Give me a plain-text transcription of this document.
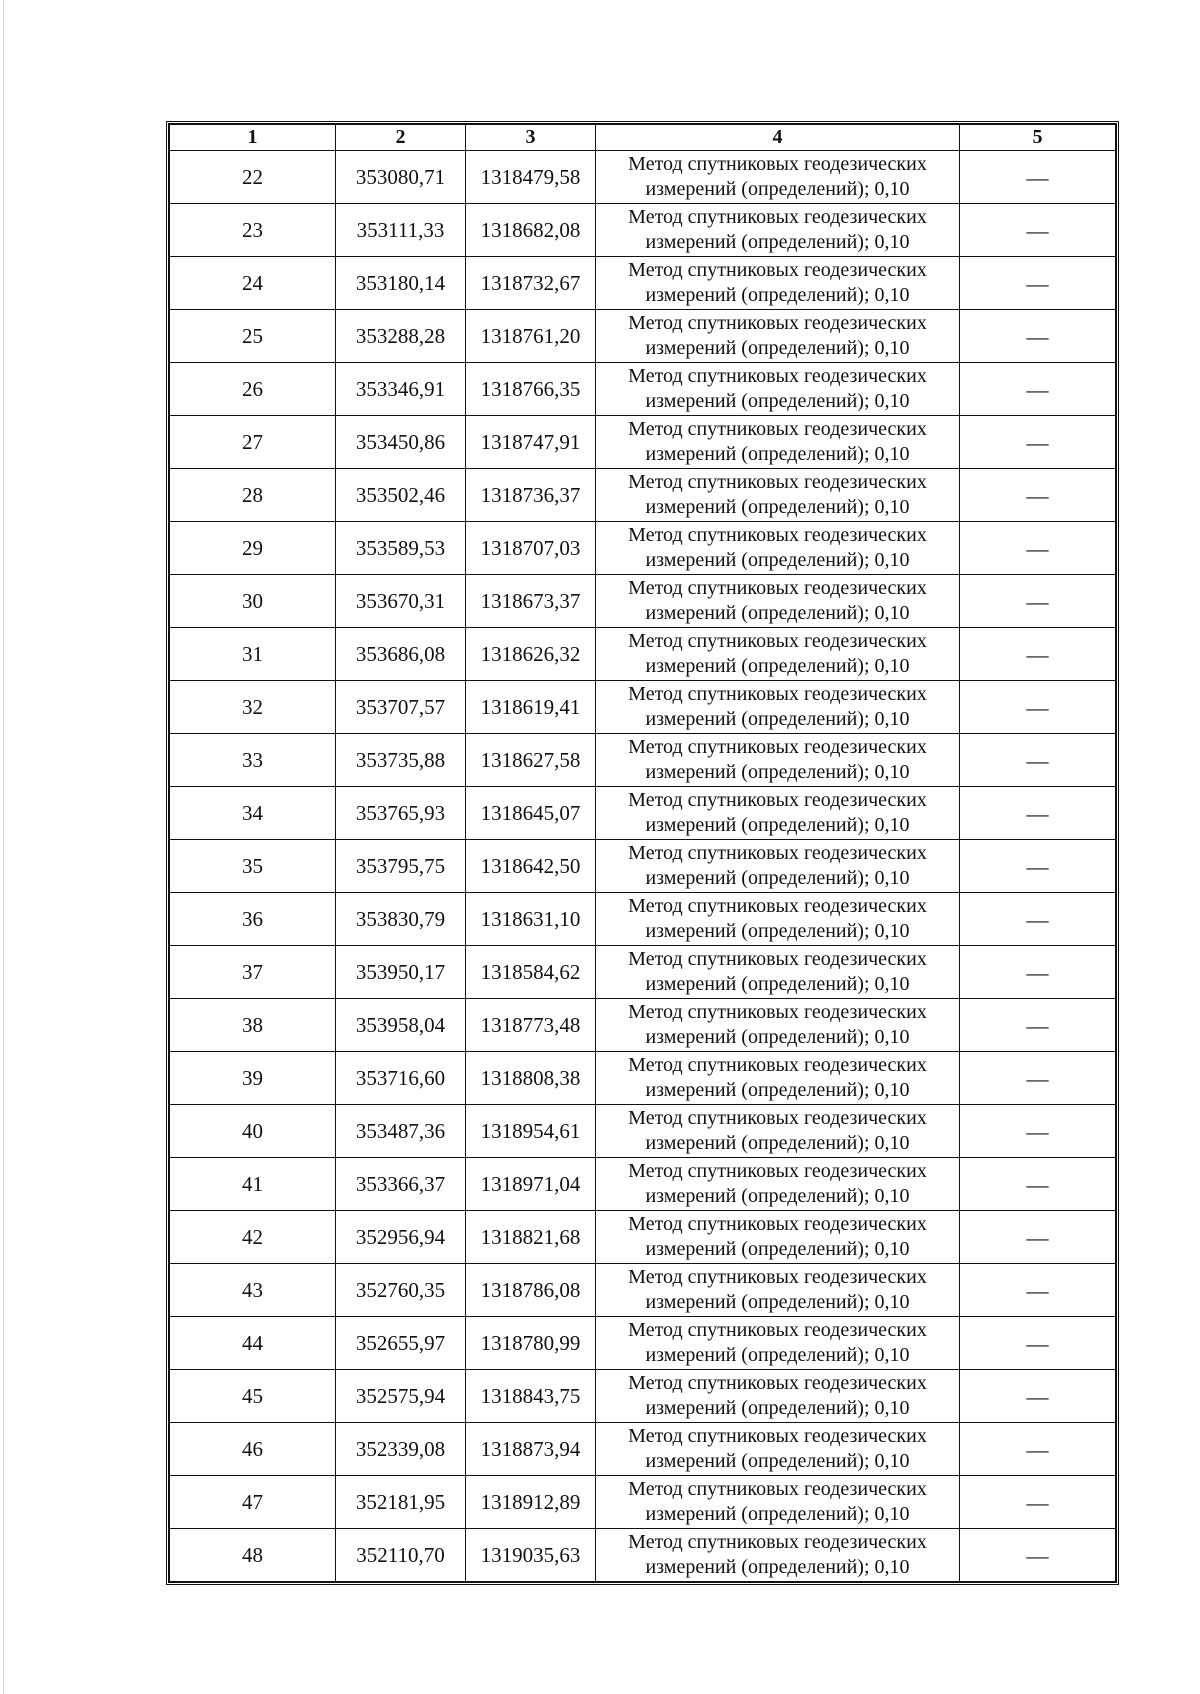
1	2	3	4	5
22	353080,71	1318479,58	Метод спутниковых геодезических
измерений (определений); 0,10	—
23	353111,33	1318682,08	Метод спутниковых геодезических
измерений (определений); 0,10	—
24	353180,14	1318732,67	Метод спутниковых геодезических
измерений (определений); 0,10	—
25	353288,28	1318761,20	Метод спутниковых геодезических
измерений (определений); 0,10	—
26	353346,91	1318766,35	Метод спутниковых геодезических
измерений (определений); 0,10	—
27	353450,86	1318747,91	Метод спутниковых геодезических
измерений (определений); 0,10	—
28	353502,46	1318736,37	Метод спутниковых геодезических
измерений (определений); 0,10	—
29	353589,53	1318707,03	Метод спутниковых геодезических
измерений (определений); 0,10	—
30	353670,31	1318673,37	Метод спутниковых геодезических
измерений (определений); 0,10	—
31	353686,08	1318626,32	Метод спутниковых геодезических
измерений (определений); 0,10	—
32	353707,57	1318619,41	Метод спутниковых геодезических
измерений (определений); 0,10	—
33	353735,88	1318627,58	Метод спутниковых геодезических
измерений (определений); 0,10	—
34	353765,93	1318645,07	Метод спутниковых геодезических
измерений (определений); 0,10	—
35	353795,75	1318642,50	Метод спутниковых геодезических
измерений (определений); 0,10	—
36	353830,79	1318631,10	Метод спутниковых геодезических
измерений (определений); 0,10	—
37	353950,17	1318584,62	Метод спутниковых геодезических
измерений (определений); 0,10	—
38	353958,04	1318773,48	Метод спутниковых геодезических
измерений (определений); 0,10	—
39	353716,60	1318808,38	Метод спутниковых геодезических
измерений (определений); 0,10	—
40	353487,36	1318954,61	Метод спутниковых геодезических
измерений (определений); 0,10	—
41	353366,37	1318971,04	Метод спутниковых геодезических
измерений (определений); 0,10	—
42	352956,94	1318821,68	Метод спутниковых геодезических
измерений (определений); 0,10	—
43	352760,35	1318786,08	Метод спутниковых геодезических
измерений (определений); 0,10	—
44	352655,97	1318780,99	Метод спутниковых геодезических
измерений (определений); 0,10	—
45	352575,94	1318843,75	Метод спутниковых геодезических
измерений (определений); 0,10	—
46	352339,08	1318873,94	Метод спутниковых геодезических
измерений (определений); 0,10	—
47	352181,95	1318912,89	Метод спутниковых геодезических
измерений (определений); 0,10	—
48	352110,70	1319035,63	Метод спутниковых геодезических
измерений (определений); 0,10	—
